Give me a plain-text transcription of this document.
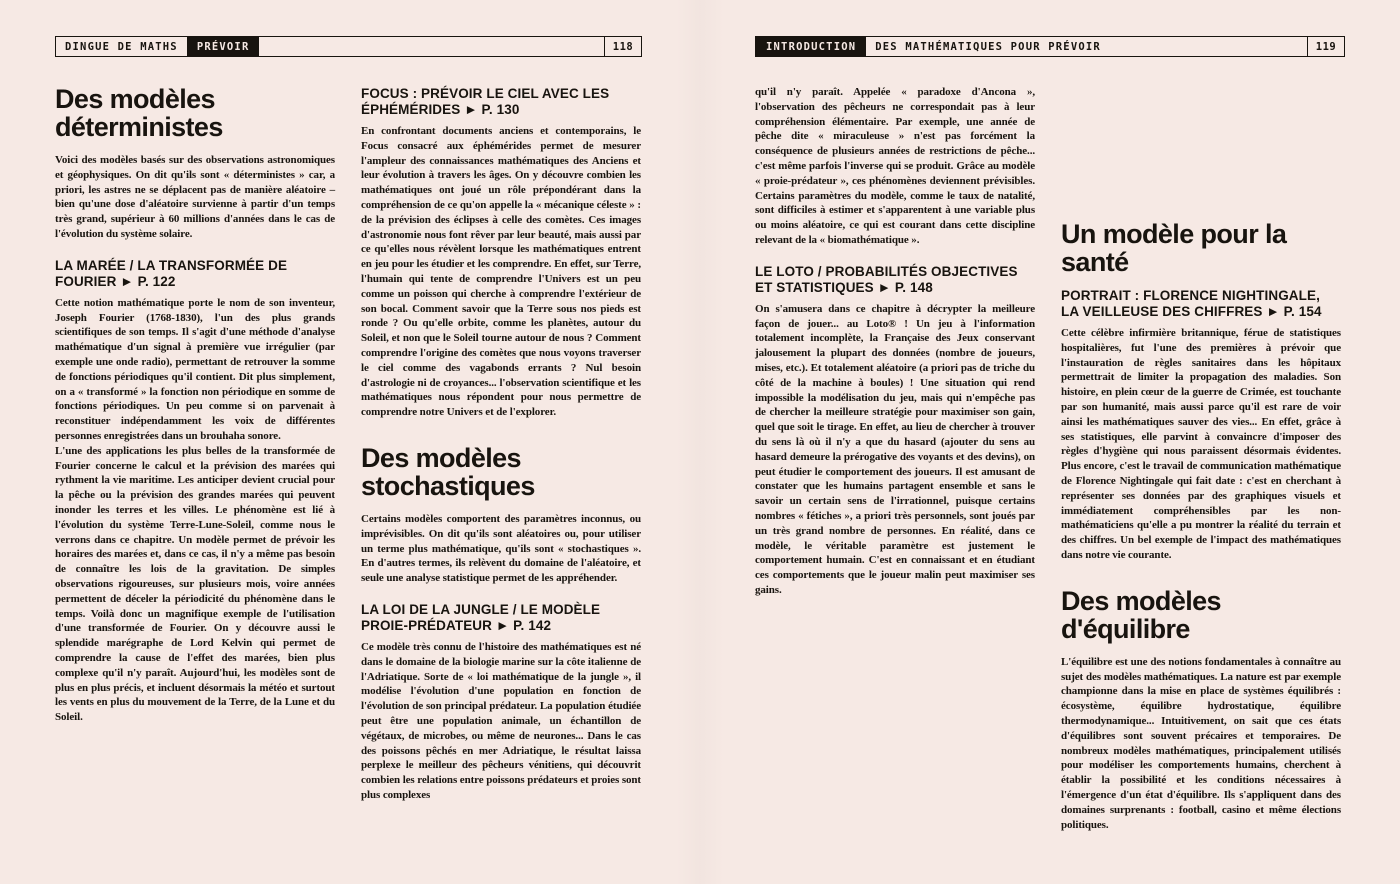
DINGUE DE MATHS	PRÉVOIR	118
Des modèles déterministes

Voici des modèles basés sur des observations astronomiques et géophysiques. On dit qu'ils sont « déterministes » car, a priori, les astres ne se déplacent pas de manière aléatoire – bien qu'une dose d'aléatoire survienne à partir d'un temps très grand, supérieur à 60 millions d'années dans le cas de l'évolution du système solaire.

LA MARÉE / LA TRANSFORMÉE DE FOURIER ► P. 122

Cette notion mathématique porte le nom de son inventeur, Joseph Fourier (1768-1830), l'un des plus grands scientifiques de son temps. Il s'agit d'une méthode d'analyse mathématique d'un signal à première vue irrégulier (par exemple une onde radio), permettant de retrouver la somme de fonctions périodiques qu'il contient. Dit plus simplement, on a « transformé » la fonction non périodique en somme de fonctions périodiques. Un peu comme si on parvenait à reconstituer indépendamment les voix de différentes personnes enregistrées dans un brouhaha sonore.

L'une des applications les plus belles de la transformée de Fourier concerne le calcul et la prévision des marées qui rythment la vie maritime. Les anticiper devient crucial pour la pêche ou la prévision des grandes marées qui peuvent inonder les terres et les villes. Le phénomène est lié à l'évolution du système Terre-Lune-Soleil, comme nous le verrons dans ce chapitre. Un modèle permet de prévoir les horaires des marées et, dans ce cas, il n'y a même pas besoin de connaître les lois de la gravitation. De simples observations rigoureuses, sur plusieurs mois, voire années permettent de déceler la périodicité du phénomène dans le temps. Voilà donc un magnifique exemple de l'utilisation d'une transformée de Fourier. On y découvre aussi le splendide marégraphe de Lord Kelvin qui permet de comprendre la cause de l'effet des marées, bien plus complexe qu'il n'y paraît. Aujourd'hui, les modèles sont de plus en plus précis, et incluent désormais la météo et surtout les vents en plus du mouvement de la Terre, de la Lune et du Soleil.

FOCUS : PRÉVOIR LE CIEL AVEC LES ÉPHÉMÉRIDES ► P. 130

En confrontant documents anciens et contemporains, le Focus consacré aux éphémérides permet de mesurer l'ampleur des connaissances mathématiques des Anciens et leur évolution à travers les âges. On y découvre combien les mathématiques ont joué un rôle prépondérant dans la compréhension de ce qu'on appelle la « mécanique céleste » : de la prévision des éclipses à celle des comètes. Ces images d'astronomie nous font rêver par leur beauté, mais aussi par ce qu'elles nous révèlent lorsque les mathématiques entrent en jeu pour les étudier et les comprendre. En effet, sur Terre, l'humain qui tente de comprendre l'Univers est un peu comme un poisson qui cherche à comprendre l'extérieur de son bocal. Comment savoir que la Terre sous nos pieds est ronde ? Ou qu'elle orbite, comme les planètes, autour du Soleil, et non que le Soleil tourne autour de nous ? Comment comprendre l'origine des comètes que nous voyons traverser le ciel comme des vagabonds errants ? Nul besoin d'astrologie ni de croyances... l'observation scientifique et les mathématiques nous répondent pour nous permettre de comprendre notre Univers et de l'explorer.

Des modèles stochastiques

Certains modèles comportent des paramètres inconnus, ou imprévisibles. On dit qu'ils sont aléatoires ou, pour utiliser un terme plus mathématique, qu'ils sont « stochastiques ». En d'autres termes, ils relèvent du domaine de l'aléatoire, et seule une analyse statistique permet de les appréhender.

LA LOI DE LA JUNGLE / LE MODÈLE PROIE-PRÉDATEUR ► P. 142

Ce modèle très connu de l'histoire des mathématiques est né dans le domaine de la biologie marine sur la côte italienne de l'Adriatique. Sorte de « loi mathématique de la jungle », il modélise l'évolution d'une population en fonction de l'évolution de son principal prédateur. La population étudiée peut être une population animale, un échantillon de végétaux, de microbes, ou même de neurones... Dans le cas des poissons pêchés en mer Adriatique, le résultat laissa perplexe le meilleur des pêcheurs vénitiens, qui découvrit combien les relations entre poissons prédateurs et proies sont plus complexes

INTRODUCTION	DES MATHÉMATIQUES POUR PRÉVOIR	119

qu'il n'y paraît. Appelée « paradoxe d'Ancona », l'observation des pêcheurs ne correspondait pas à leur compréhension élémentaire. Par exemple, une année de pêche dite « miraculeuse » n'est pas forcément la conséquence de plusieurs années de restrictions de pêche... c'est même parfois l'inverse qui se produit. Grâce au modèle « proie-prédateur », ces phénomènes deviennent prévisibles. Certains paramètres du modèle, comme le taux de natalité, sont difficiles à estimer et s'apparentent à une variable plus ou moins aléatoire, ce qui est courant dans cette discipline relevant de la « biomathématique ».

LE LOTO / PROBABILITÉS OBJECTIVES ET STATISTIQUES ► P. 148

On s'amusera dans ce chapitre à décrypter la meilleure façon de jouer... au Loto® ! Un jeu à l'information totalement incomplète, la Française des Jeux conservant jalousement la plupart des données (nombre de joueurs, mises, etc.). Et totalement aléatoire (a priori pas de triche du côté de la machine à boules) ! Une situation qui rend impossible la modélisation du jeu, mais qui n'empêche pas de chercher la meilleure stratégie pour maximiser son gain, quel que soit le tirage. En effet, au lieu de chercher à trouver du sens là où il n'y a que du hasard (ajouter du sens au hasard demeure la prérogative des voyants et des devins), on peut étudier le comportement des joueurs. Il est amusant de constater que les humains partagent ensemble et sans le savoir un certain sens de l'irrationnel, puisque certains nombres « fétiches », a priori très personnels, sont joués par un très grand nombre de personnes. En réalité, dans ce modèle, le véritable paramètre est justement le comportement humain. C'est en connaissant et en étudiant ces comportements que le joueur malin peut maximiser ses gains.

Un modèle pour la santé
PORTRAIT : FLORENCE NIGHTINGALE, LA VEILLEUSE DES CHIFFRES ► P. 154

Cette célèbre infirmière britannique, férue de statistiques hospitalières, fut l'une des premières à prévoir que l'instauration de règles sanitaires dans les hôpitaux permettrait de limiter la propagation des maladies. Son histoire, en plein cœur de la guerre de Crimée, est touchante par son humanité, mais aussi parce qu'il est rare de voir ainsi les mathématiques sauver des vies... En effet, grâce à ses statistiques, elle parvint à convaincre d'imposer des règles d'hygiène qui nous paraissent désormais évidentes. Plus encore, c'est le travail de communication mathématique de Florence Nightingale qui fait date : c'est en cherchant à représenter ses données par des graphiques visuels et immédiatement compréhensibles par les non-mathématiciens qu'elle a pu montrer la réalité du terrain et des chiffres. Un bel exemple de l'impact des mathématiques dans notre vie courante.

Des modèles d'équilibre

L'équilibre est une des notions fondamentales à connaître au sujet des modèles mathématiques. La nature est par exemple championne dans la mise en place de systèmes équilibrés : écosystème, équilibre hydrostatique, équilibre thermodynamique... Intuitivement, on sait que ces états d'équilibres sont souvent précaires et temporaires. De nombreux modèles mathématiques, principalement utilisés pour modéliser les comportements humains, cherchent à établir la possibilité et les conditions nécessaires à l'émergence d'un état d'équilibre. Ils s'appliquent dans des domaines surprenants : football, casino et même élections politiques.
